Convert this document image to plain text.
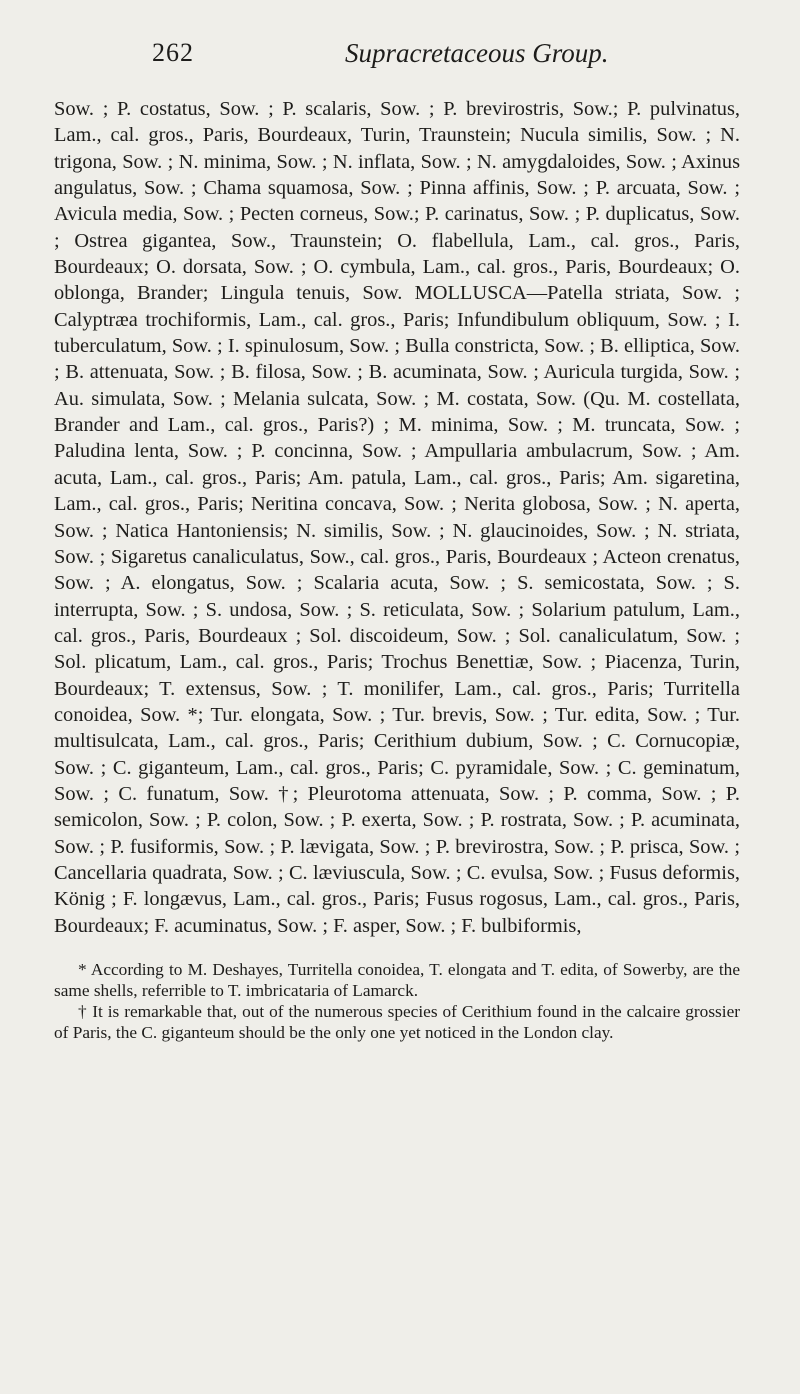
262	Supracretaceous Group.

Sow. ; P. costatus, Sow. ; P. scalaris, Sow. ; P. brevirostris, Sow.; P. pulvinatus, Lam., cal. gros., Paris, Bourdeaux, Turin, Traunstein; Nucula similis, Sow. ; N. trigona, Sow. ; N. minima, Sow. ; N. inflata, Sow. ; N. amygdaloides, Sow. ; Axinus angulatus, Sow. ; Chama squamosa, Sow. ; Pinna affinis, Sow. ; P. arcuata, Sow. ; Avicula media, Sow. ; Pecten corneus, Sow.; P. carinatus, Sow. ; P. duplicatus, Sow. ; Ostrea gigantea, Sow., Traunstein; O. flabellula, Lam., cal. gros., Paris, Bourdeaux; O. dorsata, Sow. ; O. cymbula, Lam., cal. gros., Paris, Bourdeaux; O. oblonga, Brander; Lingula tenuis, Sow. MOLLUSCA—Patella striata, Sow. ; Calyptræa trochiformis, Lam., cal. gros., Paris; Infundibulum obliquum, Sow. ; I. tuberculatum, Sow. ; I. spinulosum, Sow. ; Bulla constricta, Sow. ; B. elliptica, Sow. ; B. attenuata, Sow. ; B. filosa, Sow. ; B. acuminata, Sow. ; Auricula turgida, Sow. ; Au. simulata, Sow. ; Melania sulcata, Sow. ; M. costata, Sow. (Qu. M. costellata, Brander and Lam., cal. gros., Paris?) ; M. minima, Sow. ; M. truncata, Sow. ; Paludina lenta, Sow. ; P. concinna, Sow. ; Ampullaria ambulacrum, Sow. ; Am. acuta, Lam., cal. gros., Paris; Am. patula, Lam., cal. gros., Paris; Am. sigaretina, Lam., cal. gros., Paris; Neritina concava, Sow. ; Nerita globosa, Sow. ; N. aperta, Sow. ; Natica Hantoniensis; N. similis, Sow. ; N. glaucinoides, Sow. ; N. striata, Sow. ; Sigaretus canaliculatus, Sow., cal. gros., Paris, Bourdeaux ; Acteon crenatus, Sow. ; A. elongatus, Sow. ; Scalaria acuta, Sow. ; S. semicostata, Sow. ; S. interrupta, Sow. ; S. undosa, Sow. ; S. reticulata, Sow. ; Solarium patulum, Lam., cal. gros., Paris, Bourdeaux ; Sol. discoideum, Sow. ; Sol. canaliculatum, Sow. ; Sol. plicatum, Lam., cal. gros., Paris; Trochus Benettiæ, Sow. ; Piacenza, Turin, Bourdeaux; T. extensus, Sow. ; T. monilifer, Lam., cal. gros., Paris; Turritella conoidea, Sow. *; Tur. elongata, Sow. ; Tur. brevis, Sow. ; Tur. edita, Sow. ; Tur. multisulcata, Lam., cal. gros., Paris; Cerithium dubium, Sow. ; C. Cornucopiæ, Sow. ; C. giganteum, Lam., cal. gros., Paris; C. pyramidale, Sow. ; C. geminatum, Sow. ; C. funatum, Sow. †; Pleurotoma attenuata, Sow. ; P. comma, Sow. ; P. semicolon, Sow. ; P. colon, Sow. ; P. exerta, Sow. ; P. rostrata, Sow. ; P. acuminata, Sow. ; P. fusiformis, Sow. ; P. lævigata, Sow. ; P. brevirostra, Sow. ; P. prisca, Sow. ; Cancellaria quadrata, Sow. ; C. læviuscula, Sow. ; C. evulsa, Sow. ; Fusus deformis, König ; F. longævus, Lam., cal. gros., Paris; Fusus rogosus, Lam., cal. gros., Paris, Bourdeaux; F. acuminatus, Sow. ; F. asper, Sow. ; F. bulbiformis,

* According to M. Deshayes, Turritella conoidea, T. elongata and T. edita, of Sowerby, are the same shells, referrible to T. imbricataria of Lamarck.

† It is remarkable that, out of the numerous species of Cerithium found in the calcaire grossier of Paris, the C. giganteum should be the only one yet noticed in the London clay.
